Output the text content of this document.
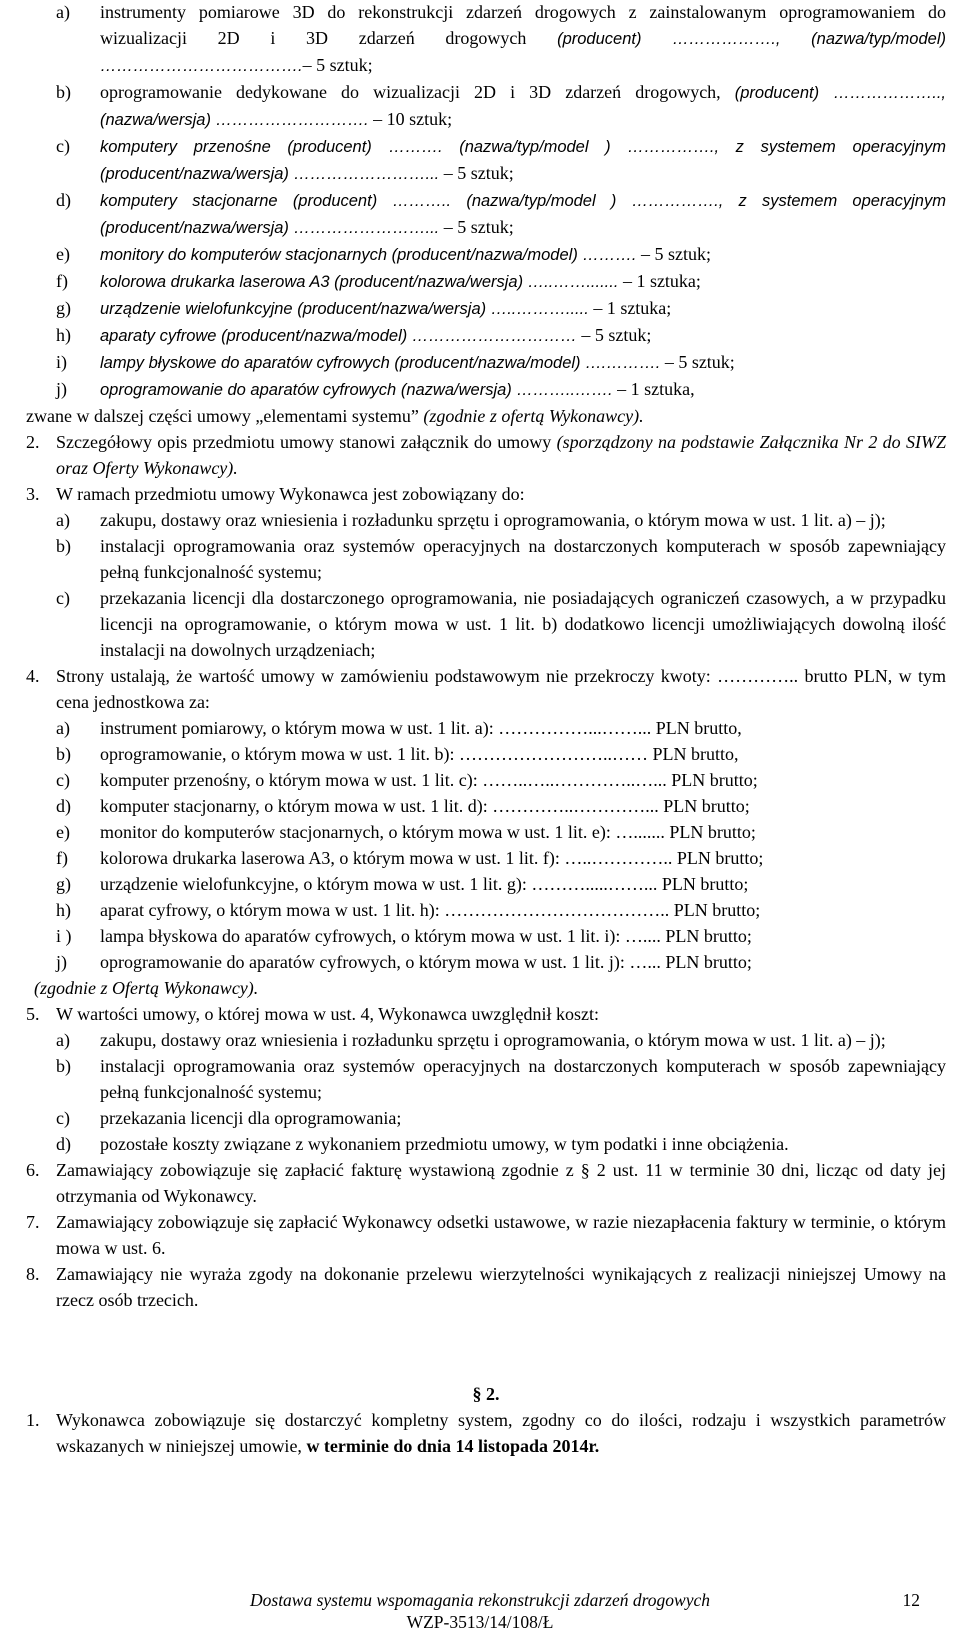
a) instrumenty pomiarowe 3D do rekonstrukcji zdarzeń drogowych z zainstalowanym oprogramowaniem do wizualizacji 2D i 3D zdarzeń drogowych (producent) ………………., (nazwa/typ/model) ……………………………….– 5 sztuk;
b) oprogramowanie dedykowane do wizualizacji 2D i 3D zdarzeń drogowych, (producent) ……………….., (nazwa/wersja) ………………………. – 10 sztuk;
c) komputery przenośne (producent) ………. (nazwa/typ/model ) ……………., z systemem operacyjnym (producent/nazwa/wersja) ……………………... – 5 sztuk;
d) komputery stacjonarne (producent) ……….. (nazwa/typ/model ) ……………., z systemem operacyjnym (producent/nazwa/wersja) ……………………... – 5 sztuk;
e) monitory do komputerów stacjonarnych (producent/nazwa/model) ………. – 5 sztuk;
f) kolorowa drukarka laserowa A3 (producent/nazwa/wersja) …..……....... – 1 sztuka;
g) urządzenie wielofunkcyjne (producent/nazwa/wersja) …..………..... – 1 sztuka;
h) aparaty cyfrowe (producent/nazwa/model) ………………………… – 5 sztuk;
i) lampy błyskowe do aparatów cyfrowych (producent/nazwa/model) ….………. – 5 sztuk;
j) oprogramowanie do aparatów cyfrowych (nazwa/wersja) ………..……. – 1 sztuka,
zwane w dalszej części umowy „elementami systemu” (zgodnie z ofertą Wykonawcy).
2. Szczegółowy opis przedmiotu umowy stanowi załącznik do umowy (sporządzony na podstawie Załącznika Nr 2 do SIWZ oraz Oferty Wykonawcy).
3. W ramach przedmiotu umowy Wykonawca jest zobowiązany do:
a) zakupu, dostawy oraz wniesienia i rozładunku sprzętu i oprogramowania, o którym mowa w ust. 1 lit. a) – j);
b) instalacji oprogramowania oraz systemów operacyjnych na dostarczonych komputerach w sposób zapewniający pełną funkcjonalność systemu;
c) przekazania licencji dla dostarczonego oprogramowania, nie posiadających ograniczeń czasowych, a w przypadku licencji na oprogramowanie, o którym mowa w ust. 1 lit. b) dodatkowo licencji umożliwiających dowolną ilość instalacji na dowolnych urządzeniach;
4. Strony ustalają, że wartość umowy w zamówieniu podstawowym nie przekroczy kwoty: ………….. brutto PLN, w tym cena jednostkowa za:
a) instrument pomiarowy, o którym mowa w ust. 1 lit. a): ……………...……... PLN brutto,
b) oprogramowanie, o którym mowa w ust. 1 lit. b): ……………………..…… PLN brutto,
c) komputer przenośny, o którym mowa w ust. 1 lit. c): ……..…..…………..…... PLN brutto;
d) komputer stacjonarny, o którym mowa w ust. 1 lit. d): …………..…………... PLN brutto;
e) monitor do komputerów stacjonarnych, o którym mowa w ust. 1 lit. e): …....... PLN brutto;
f) kolorowa drukarka laserowa A3, o którym mowa w ust. 1 lit. f): …..………….. PLN brutto;
g) urządzenie wielofunkcyjne, o którym mowa w ust. 1 lit. g): ……….....……... PLN brutto;
h) aparat cyfrowy, o którym mowa w ust. 1 lit. h): ……………………………….. PLN brutto;
i ) lampa błyskowa do aparatów cyfrowych, o którym mowa w ust. 1 lit. i): ….... PLN brutto;
j) oprogramowanie do aparatów cyfrowych, o którym mowa w ust. 1 lit. j): …... PLN brutto;
(zgodnie z Ofertą Wykonawcy).
5. W wartości umowy, o której mowa w ust. 4, Wykonawca uwzględnił koszt:
a) zakupu, dostawy oraz wniesienia i rozładunku sprzętu i oprogramowania, o którym mowa w ust. 1 lit. a) – j);
b) instalacji oprogramowania oraz systemów operacyjnych na dostarczonych komputerach w sposób zapewniający pełną funkcjonalność systemu;
c) przekazania licencji dla oprogramowania;
d) pozostałe koszty związane z wykonaniem przedmiotu umowy, w tym podatki i inne obciążenia.
6. Zamawiający zobowiązuje się zapłacić fakturę wystawioną zgodnie z § 2 ust. 11 w terminie 30 dni, licząc od daty jej otrzymania od Wykonawcy.
7. Zamawiający zobowiązuje się zapłacić Wykonawcy odsetki ustawowe, w razie niezapłacenia faktury w terminie, o którym mowa w ust. 6.
8. Zamawiający nie wyraża zgody na dokonanie przelewu wierzytelności wynikających z realizacji niniejszej Umowy na rzecz osób trzecich.
§ 2.
1. Wykonawca zobowiązuje się dostarczyć kompletny system, zgodny co do ilości, rodzaju i wszystkich parametrów wskazanych w niniejszej umowie, w terminie do dnia 14 listopada 2014r.
Dostawa systemu wspomagania rekonstrukcji zdarzeń drogowych
WZP-3513/14/108/Ł
12
